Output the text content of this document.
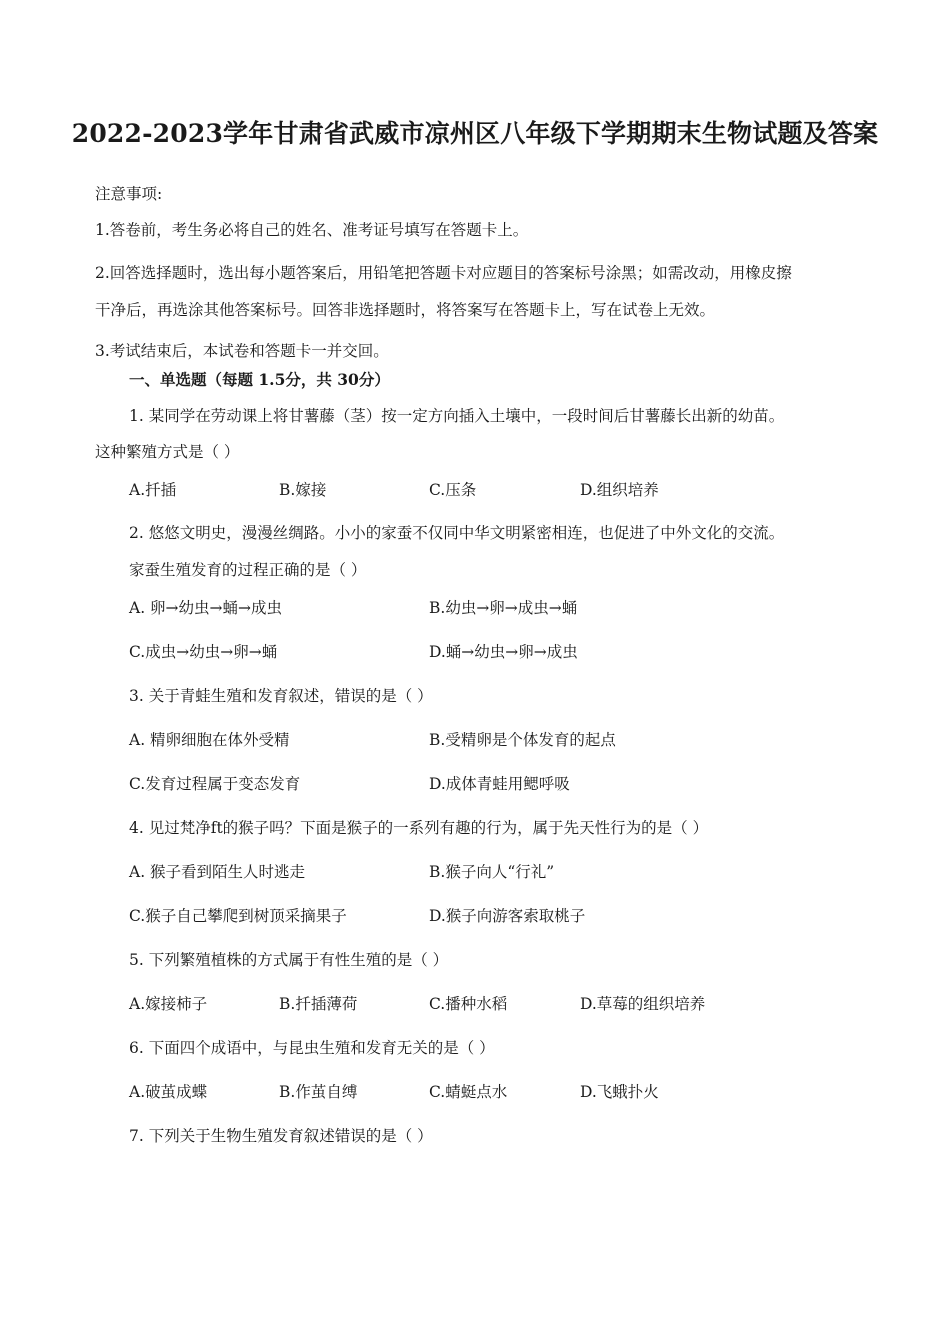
2022-2023学年甘肃省武威市凉州区八年级下学期期末生物试题及答案
注意事项:
1.答卷前，考生务必将自己的姓名、准考证号填写在答题卡上。
2.回答选择题时，选出每小题答案后，用铅笔把答题卡对应题目的答案标号涂黑；如需改动，用橡皮擦
干净后，再选涂其他答案标号。回答非选择题时，将答案写在答题卡上，写在试卷上无效。
3.考试结束后，本试卷和答题卡一并交回。
一、单选题（每题 1.5分，共 30分）
1. 某同学在劳动课上将甘薯藤（茎）按一定方向插入土壤中，一段时间后甘薯藤长出新的幼苗。
这种繁殖方式是（ ）
A.扦插	B.嫁接	C.压条	D.组织培养
2. 悠悠文明史，漫漫丝绸路。小小的家蚕不仅同中华文明紧密相连，也促进了中外文化的交流。
家蚕生殖发育的过程正确的是（ ）
A. 卵→幼虫→蛹→成虫	B.幼虫→卵→成虫→蛹
C.成虫→幼虫→卵→蛹	D.蛹→幼虫→卵→成虫
3. 关于青蛙生殖和发育叙述，错误的是（ ）
A. 精卵细胞在体外受精	B.受精卵是个体发育的起点
C.发育过程属于变态发育	D.成体青蛙用鳃呼吸
4. 见过梵净ft的猴子吗？下面是猴子的一系列有趣的行为，属于先天性行为的是（ ）
A. 猴子看到陌生人时逃走	B.猴子向人“行礼”
C.猴子自己攀爬到树顶采摘果子	D.猴子向游客索取桃子
5. 下列繁殖植株的方式属于有性生殖的是（ ）
A.嫁接柿子	B.扦插薄荷	C.播种水稻	D.草莓的组织培养
6. 下面四个成语中，与昆虫生殖和发育无关的是（ ）
A.破茧成蝶	B.作茧自缚	C.蜻蜓点水	D.飞蛾扑火
7. 下列关于生物生殖发育叙述错误的是（ ）
